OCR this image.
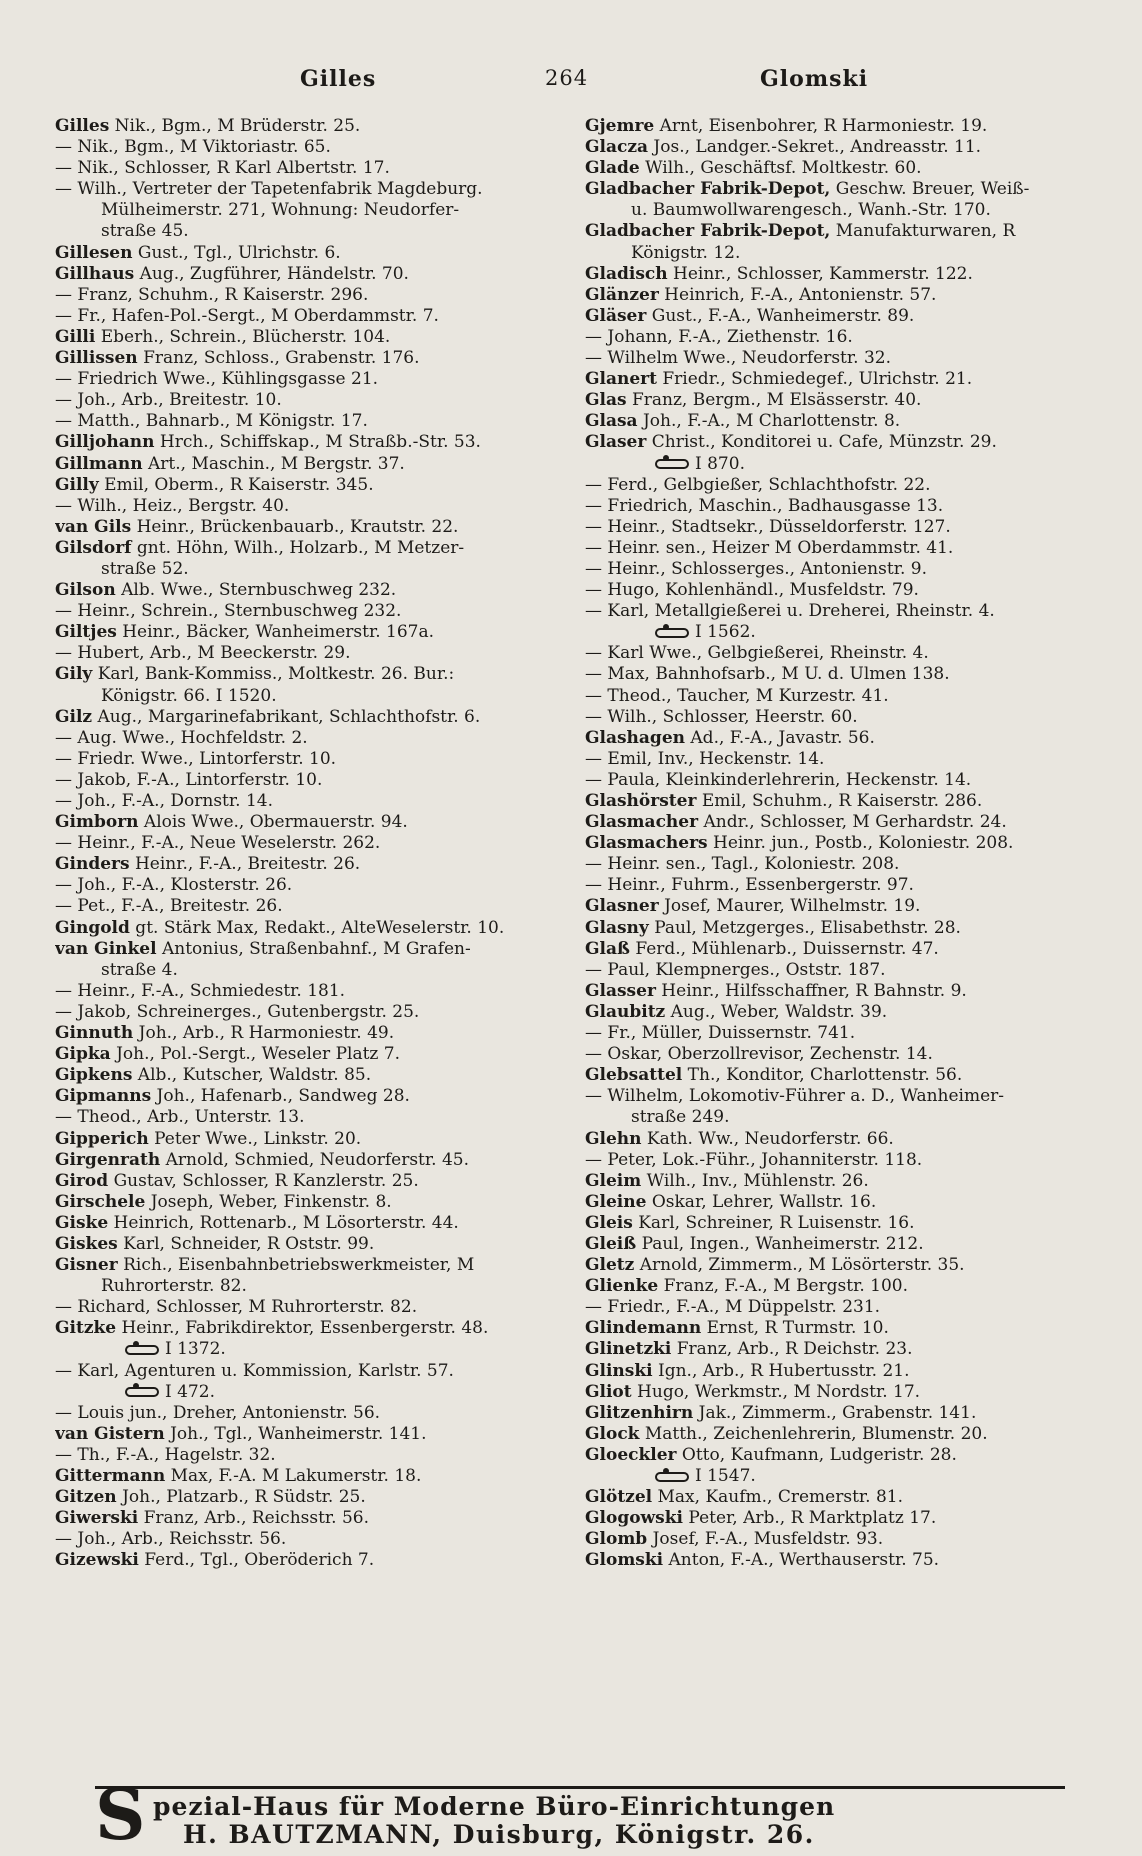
Gilles	264	Glomski
Gilles Nik., Bgm., M Brüderstr. 25.
— Nik., Bgm., M Viktoriastr. 65.
— Nik., Schlosser, R Karl Albertstr. 17.
— Wilh., Vertreter der Tapetenfabrik Magdeburg.
Mülheimerstr. 271, Wohnung: Neudorfer-
straße 45.
Gillesen Gust., Tgl., Ulrichstr. 6.
Gillhaus Aug., Zugführer, Händelstr. 70.
— Franz, Schuhm., R Kaiserstr. 296.
— Fr., Hafen-Pol.-Sergt., M Oberdammstr. 7.
Gilli Eberh., Schrein., Blücherstr. 104.
Gillissen Franz, Schloss., Grabenstr. 176.
— Friedrich Wwe., Kühlingsgasse 21.
— Joh., Arb., Breitestr. 10.
— Matth., Bahnarb., M Königstr. 17.
Gilljohann Hrch., Schiffskap., M Straßb.-Str. 53.
Gillmann Art., Maschin., M Bergstr. 37.
Gilly Emil, Oberm., R Kaiserstr. 345.
— Wilh., Heiz., Bergstr. 40.
van Gils Heinr., Brückenbauarb., Krautstr. 22.
Gilsdorf gnt. Höhn, Wilh., Holzarb., M Metzer-
straße 52.
Gilson Alb. Wwe., Sternbuschweg 232.
— Heinr., Schrein., Sternbuschweg 232.
Giltjes Heinr., Bäcker, Wanheimerstr. 167a.
— Hubert, Arb., M Beeckerstr. 29.
Gily Karl, Bank-Kommiss., Moltkestr. 26. Bur.:
Königstr. 66. I 1520.
Gilz Aug., Margarinefabrikant, Schlachthofstr. 6.
— Aug. Wwe., Hochfeldstr. 2.
— Friedr. Wwe., Lintorferstr. 10.
— Jakob, F.-A., Lintorferstr. 10.
— Joh., F.-A., Dornstr. 14.
Gimborn Alois Wwe., Obermauerstr. 94.
— Heinr., F.-A., Neue Weselerstr. 262.
Ginders Heinr., F.-A., Breitestr. 26.
— Joh., F.-A., Klosterstr. 26.
— Pet., F.-A., Breitestr. 26.
Gingold gt. Stärk Max, Redakt., AlteWeselerstr. 10.
van Ginkel Antonius, Straßenbahnf., M Grafen-
straße 4.
— Heinr., F.-A., Schmiedestr. 181.
— Jakob, Schreinerges., Gutenbergstr. 25.
Ginnuth Joh., Arb., R Harmoniestr. 49.
Gipka Joh., Pol.-Sergt., Weseler Platz 7.
Gipkens Alb., Kutscher, Waldstr. 85.
Gipmanns Joh., Hafenarb., Sandweg 28.
— Theod., Arb., Unterstr. 13.
Gipperich Peter Wwe., Linkstr. 20.
Girgenrath Arnold, Schmied, Neudorferstr. 45.
Girod Gustav, Schlosser, R Kanzlerstr. 25.
Girschele Joseph, Weber, Finkenstr. 8.
Giske Heinrich, Rottenarb., M Lösorterstr. 44.
Giskes Karl, Schneider, R Oststr. 99.
Gisner Rich., Eisenbahnbetriebswerkmeister, M
Ruhrorterstr. 82.
— Richard, Schlosser, M Ruhrorterstr. 82.
Gitzke Heinr., Fabrikdirektor, Essenbergerstr. 48.
I 1372.
— Karl, Agenturen u. Kommission, Karlstr. 57.
I 472.
— Louis jun., Dreher, Antonienstr. 56.
van Gistern Joh., Tgl., Wanheimerstr. 141.
— Th., F.-A., Hagelstr. 32.
Gittermann Max, F.-A. M Lakumerstr. 18.
Gitzen Joh., Platzarb., R Südstr. 25.
Giwerski Franz, Arb., Reichsstr. 56.
— Joh., Arb., Reichsstr. 56.
Gizewski Ferd., Tgl., Oberöderich 7.
Gjemre Arnt, Eisenbohrer, R Harmoniestr. 19.
Glacza Jos., Landger.-Sekret., Andreasstr. 11.
Glade Wilh., Geschäftsf. Moltkestr. 60.
Gladbacher Fabrik-Depot, Geschw. Breuer, Weiß-
u. Baumwollwarengesch., Wanh.-Str. 170.
Gladbacher Fabrik-Depot, Manufakturwaren, R
Königstr. 12.
Gladisch Heinr., Schlosser, Kammerstr. 122.
Glänzer Heinrich, F.-A., Antonienstr. 57.
Gläser Gust., F.-A., Wanheimerstr. 89.
— Johann, F.-A., Ziethenstr. 16.
— Wilhelm Wwe., Neudorferstr. 32.
Glanert Friedr., Schmiedegef., Ulrichstr. 21.
Glas Franz, Bergm., M Elsässerstr. 40.
Glasa Joh., F.-A., M Charlottenstr. 8.
Glaser Christ., Konditorei u. Cafe, Münzstr. 29.
I 870.
— Ferd., Gelbgießer, Schlachthofstr. 22.
— Friedrich, Maschin., Badhausgasse 13.
— Heinr., Stadtsekr., Düsseldorferstr. 127.
— Heinr. sen., Heizer M Oberdammstr. 41.
— Heinr., Schlosserges., Antonienstr. 9.
— Hugo, Kohlenhändl., Musfeldstr. 79.
— Karl, Metallgießerei u. Dreherei, Rheinstr. 4.
I 1562.
— Karl Wwe., Gelbgießerei, Rheinstr. 4.
— Max, Bahnhofsarb., M U. d. Ulmen 138.
— Theod., Taucher, M Kurzestr. 41.
— Wilh., Schlosser, Heerstr. 60.
Glashagen Ad., F.-A., Javastr. 56.
— Emil, Inv., Heckenstr. 14.
— Paula, Kleinkinderlehrerin, Heckenstr. 14.
Glashörster Emil, Schuhm., R Kaiserstr. 286.
Glasmacher Andr., Schlosser, M Gerhardstr. 24.
Glasmachers Heinr. jun., Postb., Koloniestr. 208.
— Heinr. sen., Tagl., Koloniestr. 208.
— Heinr., Fuhrm., Essenbergerstr. 97.
Glasner Josef, Maurer, Wilhelmstr. 19.
Glasny Paul, Metzgerges., Elisabethstr. 28.
Glaß Ferd., Mühlenarb., Duissernstr. 47.
— Paul, Klempnerges., Oststr. 187.
Glasser Heinr., Hilfsschaffner, R Bahnstr. 9.
Glaubitz Aug., Weber, Waldstr. 39.
— Fr., Müller, Duissernstr. 741.
— Oskar, Oberzollrevisor, Zechenstr. 14.
Glebsattel Th., Konditor, Charlottenstr. 56.
— Wilhelm, Lokomotiv-Führer a. D., Wanheimer-
straße 249.
Glehn Kath. Ww., Neudorferstr. 66.
— Peter, Lok.-Führ., Johanniterstr. 118.
Gleim Wilh., Inv., Mühlenstr. 26.
Gleine Oskar, Lehrer, Wallstr. 16.
Gleis Karl, Schreiner, R Luisenstr. 16.
Gleiß Paul, Ingen., Wanheimerstr. 212.
Gletz Arnold, Zimmerm., M Lösörterstr. 35.
Glienke Franz, F.-A., M Bergstr. 100.
— Friedr., F.-A., M Düppelstr. 231.
Glindemann Ernst, R Turmstr. 10.
Glinetzki Franz, Arb., R Deichstr. 23.
Glinski Ign., Arb., R Hubertusstr. 21.
Gliot Hugo, Werkmstr., M Nordstr. 17.
Glitzenhirn Jak., Zimmerm., Grabenstr. 141.
Glock Matth., Zeichenlehrerin, Blumenstr. 20.
Gloeckler Otto, Kaufmann, Ludgeristr. 28.
I 1547.
Glötzel Max, Kaufm., Cremerstr. 81.
Glogowski Peter, Arb., R Marktplatz 17.
Glomb Josef, F.-A., Musfeldstr. 93.
Glomski Anton, F.-A., Werthauserstr. 75.
S pezial-Haus für Moderne Büro-Einrichtungen
H. BAUTZMANN, Duisburg, Königstr. 26.
